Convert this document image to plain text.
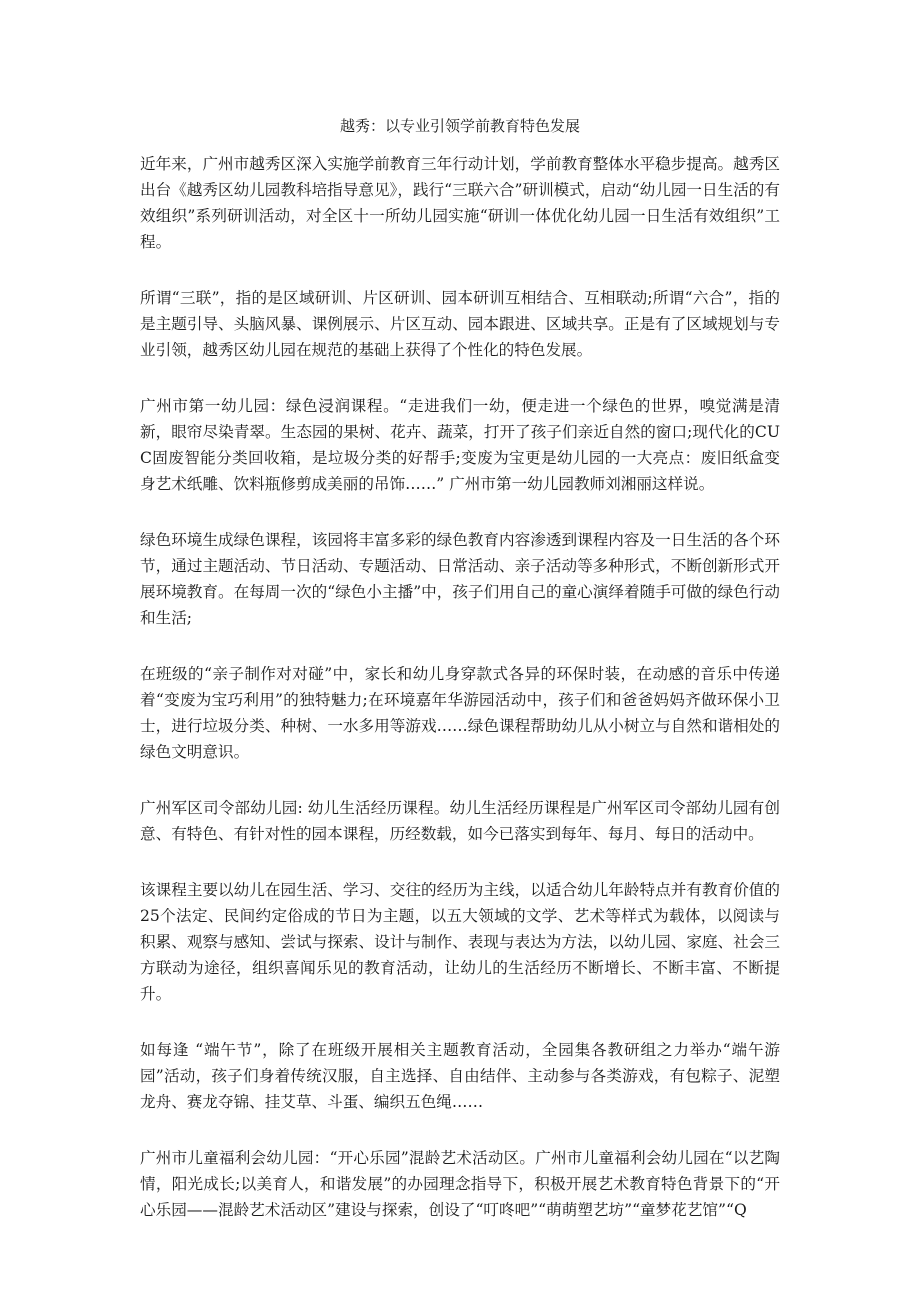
越秀：以专业引领学前教育特色发展

近年来，广州市越秀区深入实施学前教育三年行动计划，学前教育整体水平稳步提高。越秀区出台《越秀区幼儿园教科培指导意见》，践行“三联六合”研训模式，启动“幼儿园一日生活的有效组织”系列研训活动，对全区十一所幼儿园实施“研训一体优化幼儿园一日生活有效组织”工程。

所谓“三联”，指的是区域研训、片区研训、园本研训互相结合、互相联动;所谓“六合”，指的是主题引导、头脑风暴、课例展示、片区互动、园本跟进、区域共享。正是有了区域规划与专业引领，越秀区幼儿园在规范的基础上获得了个性化的特色发展。

广州市第一幼儿园：绿色浸润课程。“走进我们一幼，便走进一个绿色的世界，嗅觉满是清新，眼帘尽染青翠。生态园的果树、花卉、蔬菜，打开了孩子们亲近自然的窗口;现代化的CUC固废智能分类回收箱，是垃圾分类的好帮手;变废为宝更是幼儿园的一大亮点：废旧纸盒变身艺术纸雕、饮料瓶修剪成美丽的吊饰……” 广州市第一幼儿园教师刘湘丽这样说。

绿色环境生成绿色课程，该园将丰富多彩的绿色教育内容渗透到课程内容及一日生活的各个环节，通过主题活动、节日活动、专题活动、日常活动、亲子活动等多种形式，不断创新形式开展环境教育。在每周一次的“绿色小主播”中，孩子们用自己的童心演绎着随手可做的绿色行动和生活;

在班级的“亲子制作对对碰”中，家长和幼儿身穿款式各异的环保时装，在动感的音乐中传递着“变废为宝巧利用”的独特魅力;在环境嘉年华游园活动中，孩子们和爸爸妈妈齐做环保小卫士，进行垃圾分类、种树、一水多用等游戏……绿色课程帮助幼儿从小树立与自然和谐相处的绿色文明意识。

广州军区司令部幼儿园: 幼儿生活经历课程。幼儿生活经历课程是广州军区司令部幼儿园有创意、有特色、有针对性的园本课程，历经数载，如今已落实到每年、每月、每日的活动中。

该课程主要以幼儿在园生活、学习、交往的经历为主线，以适合幼儿年龄特点并有教育价值的25个法定、民间约定俗成的节日为主题，以五大领域的文学、艺术等样式为载体，以阅读与积累、观察与感知、尝试与探索、设计与制作、表现与表达为方法，以幼儿园、家庭、社会三方联动为途径，组织喜闻乐见的教育活动，让幼儿的生活经历不断增长、不断丰富、不断提升。

如每逢 “端午节”，除了在班级开展相关主题教育活动，全园集各教研组之力举办“端午游园”活动，孩子们身着传统汉服，自主选择、自由结伴、主动参与各类游戏，有包粽子、泥塑龙舟、赛龙夺锦、挂艾草、斗蛋、编织五色绳……

广州市儿童福利会幼儿园：“开心乐园”混龄艺术活动区。广州市儿童福利会幼儿园在“以艺陶情，阳光成长;以美育人，和谐发展”的办园理念指导下，积极开展艺术教育特色背景下的“开心乐园——混龄艺术活动区”建设与探索，创设了“叮咚吧”“萌萌塑艺坊”“童梦花艺馆”“Q
